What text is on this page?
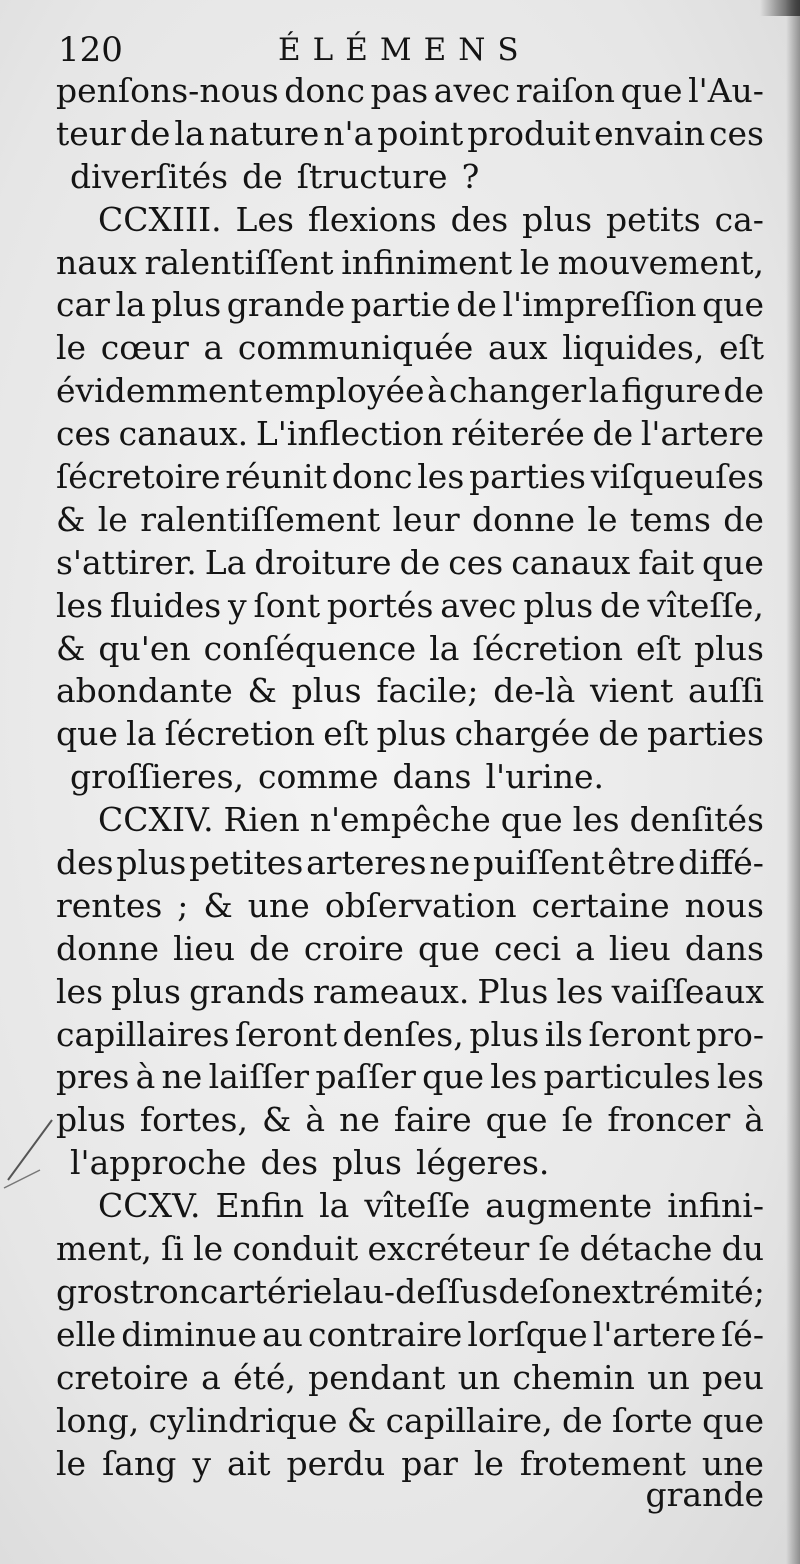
120	ÉLÉMENS
penſons-nous donc pas avec raiſon que l'Au-
teur de la nature n'a point produit envain ces
diverſités de ſtructure ?
CCXIII. Les flexions des plus petits ca-
naux ralentiſſent infiniment le mouvement,
car la plus grande partie de l'impreſſion que
le cœur a communiquée aux liquides, eſt
évidemment employée à changer la figure de
ces canaux. L'inflection réiterée de l'artere
ſécretoire réunit donc les parties viſqueuſes
& le ralentiſſement leur donne le tems de
s'attirer. La droiture de ces canaux fait que
les fluides y ſont portés avec plus de vîteſſe,
& qu'en conſéquence la ſécretion eſt plus
abondante & plus facile; de-là vient auſſi
que la ſécretion eſt plus chargée de parties
groſſieres, comme dans l'urine.
CCXIV. Rien n'empêche que les denſités
des plus petites arteres ne puiſſent être diffé-
rentes ; & une obſervation certaine nous
donne lieu de croire que ceci a lieu dans
les plus grands rameaux. Plus les vaiſſeaux
capillaires ſeront denſes, plus ils ſeront pro-
pres à ne laiſſer paſſer que les particules les
plus fortes, & à ne faire que ſe froncer à
l'approche des plus légeres.
CCXV. Enfin la vîteſſe augmente infini-
ment, ſi le conduit excréteur ſe détache du
gros tronc artériel au-deſſus de ſon extrémité;
elle diminue au contraire lorſque l'artere ſé-
cretoire a été, pendant un chemin un peu
long, cylindrique & capillaire, de ſorte que
le ſang y ait perdu par le frotement une
grande
